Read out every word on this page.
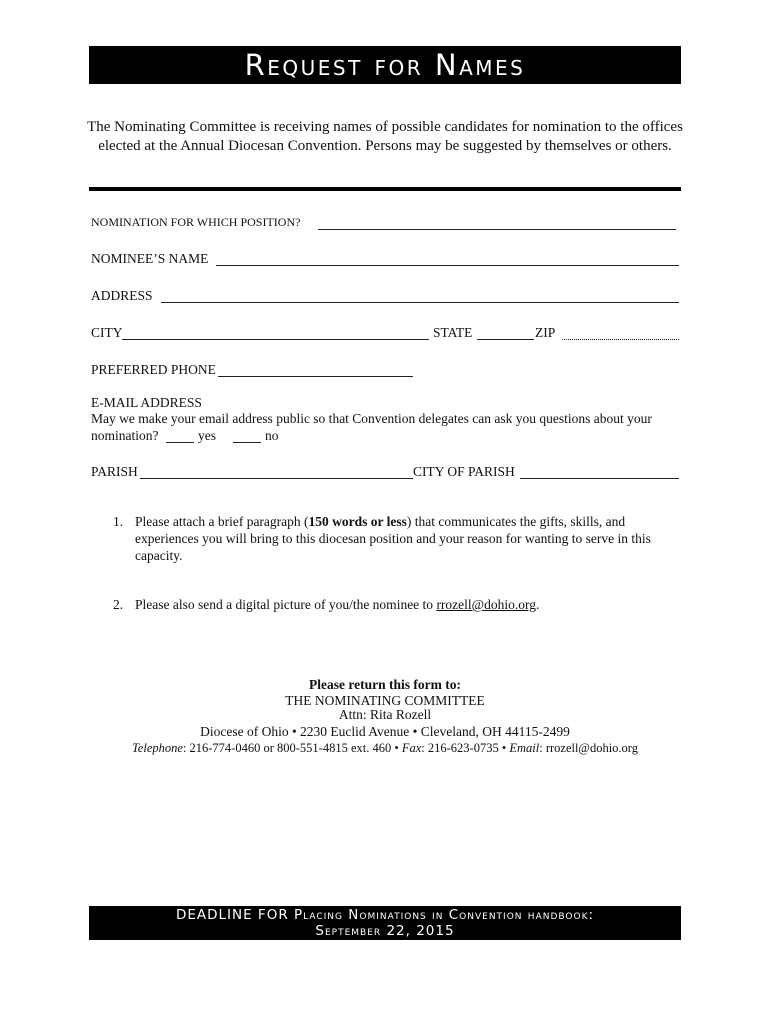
Request for Names
The Nominating Committee is receiving names of possible candidates for nomination to the offices elected at the Annual Diocesan Convention. Persons may be suggested by themselves or others.
NOMINATION FOR WHICH POSITION?
NOMINEE’S NAME
ADDRESS
CITY	STATE	ZIP
PREFERRED PHONE
E-MAIL ADDRESS
May we make your email address public so that Convention delegates can ask you questions about your
nomination?	yes	no
PARISH	CITY OF PARISH
1. Please attach a brief paragraph (150 words or less) that communicates the gifts, skills, and
experiences you will bring to this diocesan position and your reason for wanting to serve in this
capacity.
2. Please also send a digital picture of you/the nominee to rrozell@dohio.org.
Please return this form to:
THE NOMINATING COMMITTEE
Attn: Rita Rozell
Diocese of Ohio • 2230 Euclid Avenue • Cleveland, OH 44115-2499
Telephone: 216-774-0460 or 800-551-4815 ext. 460 • Fax: 216-623-0735 • Email: rrozell@dohio.org
DEADLINE FOR Placing Nominations in Convention handbook:
September 22, 2015
